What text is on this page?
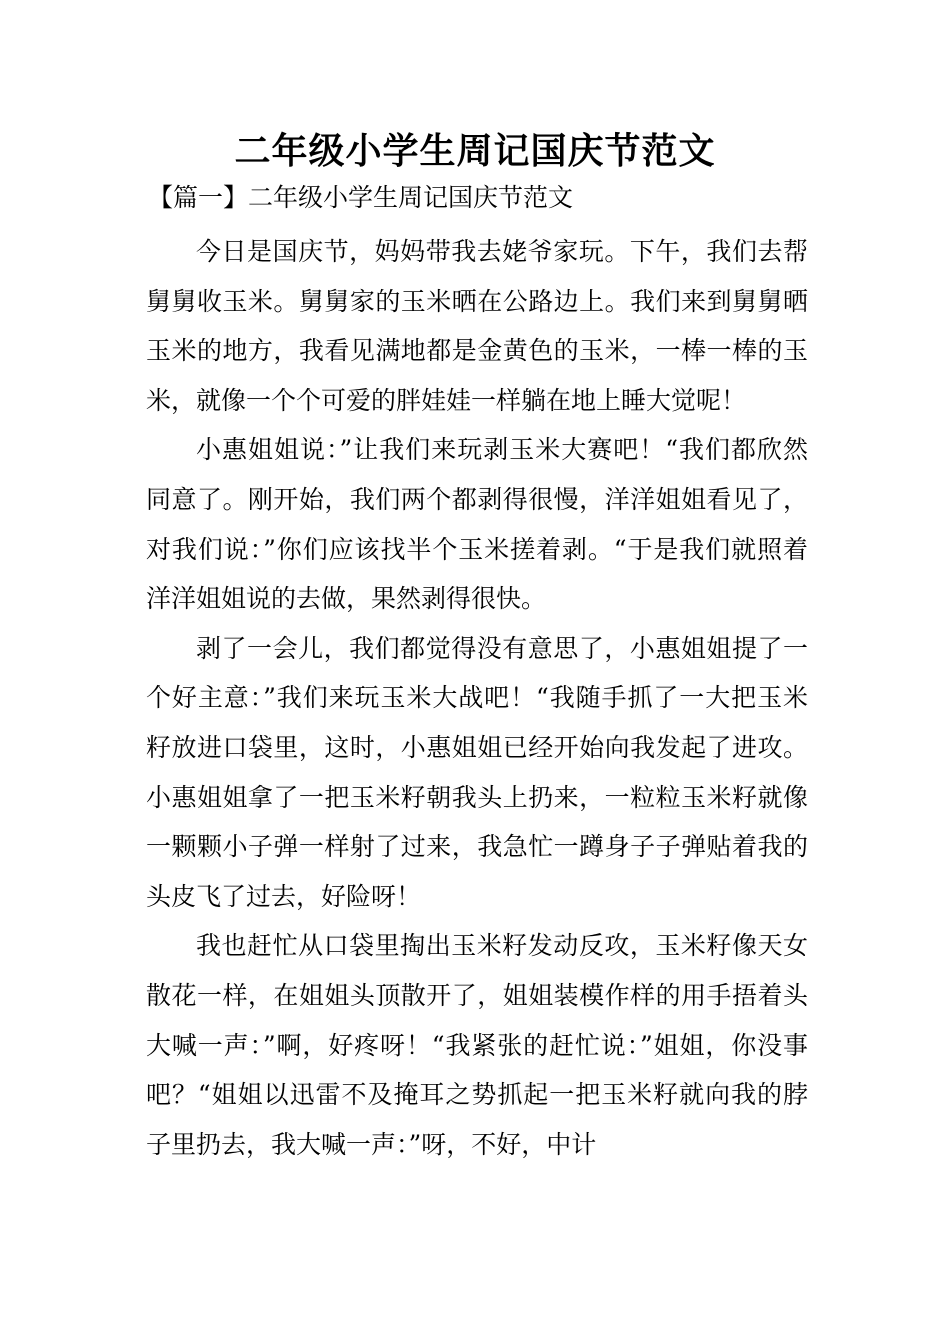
二年级小学生周记国庆节范文
【篇一】二年级小学生周记国庆节范文

今日是国庆节，妈妈带我去姥爷家玩。下午，我们去帮舅舅收玉米。舅舅家的玉米晒在公路边上。我们来到舅舅晒玉米的地方，我看见满地都是金黄色的玉米，一棒一棒的玉米，就像一个个可爱的胖娃娃一样躺在地上睡大觉呢！

小惠姐姐说：”让我们来玩剥玉米大赛吧！“我们都欣然同意了。刚开始，我们两个都剥得很慢，洋洋姐姐看见了，对我们说：”你们应该找半个玉米搓着剥。“于是我们就照着洋洋姐姐说的去做，果然剥得很快。

剥了一会儿，我们都觉得没有意思了，小惠姐姐提了一个好主意：”我们来玩玉米大战吧！“我随手抓了一大把玉米籽放进口袋里，这时，小惠姐姐已经开始向我发起了进攻。小惠姐姐拿了一把玉米籽朝我头上扔来，一粒粒玉米籽就像一颗颗小子弹一样射了过来，我急忙一蹲身子子弹贴着我的头皮飞了过去，好险呀！

我也赶忙从口袋里掏出玉米籽发动反攻，玉米籽像天女散花一样，在姐姐头顶散开了，姐姐装模作样的用手捂着头大喊一声：”啊，好疼呀！“我紧张的赶忙说：”姐姐，你没事吧？“姐姐以迅雷不及掩耳之势抓起一把玉米籽就向我的脖子里扔去，我大喊一声：”呀，不好，中计
